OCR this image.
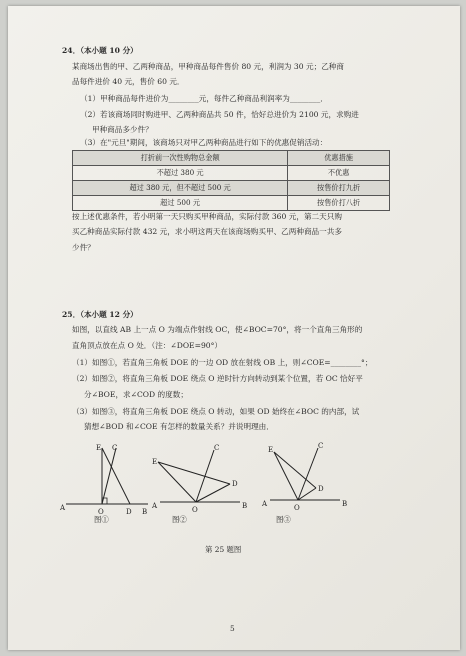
24．（本小题 10 分）
某商场出售的甲、乙两种商品，甲种商品每件售价 80 元，利润为 30 元；乙种商
品每件进价 40 元，售价 60 元．
（1）甲种商品每件进价为________元，每件乙种商品利润率为________．
（2）若该商场同时购进甲、乙两种商品共 50 件，恰好总进价为 2100 元，求购进
甲种商品多少件？
（3）在"元旦"期间，该商场只对甲乙两种商品进行如下的优惠促销活动：
打折前一次性购物总金额	优惠措施
不超过 380 元	不优惠
超过 380 元，但不超过 500 元	按售价打九折
超过 500 元	按售价打八折
按上述优惠条件，若小明第一天只购买甲种商品，实际付款 360 元，第二天只购
买乙种商品实际付款 432 元，求小明这两天在该商场购买甲、乙两种商品一共多
少件？
25．（本小题 12 分）
如图，以直线 AB 上一点 O 为端点作射线 OC，使∠BOC=70°，将一个直角三角形的
直角顶点放在点 O 处．（注：∠DOE=90°）
（1）如图①，若直角三角板 DOE 的一边 OD 放在射线 OB 上，则∠COE=________°；
（2）如图②，将直角三角板 DOE 绕点 O 逆时针方向转动到某个位置，若 OC 恰好平
分∠BOE，求∠COD 的度数；
（3）如图③，将直角三角板 DOE 绕点 O 转动，如果 OD 始终在∠BOC 的内部，试
猜想∠BOD 和∠COE 有怎样的数量关系？并说明理由．
A
E C
O	D B
图①
E
C
D
A	O	B
图②
E	C
D
A	O	B
图③
第 25 题图
5
